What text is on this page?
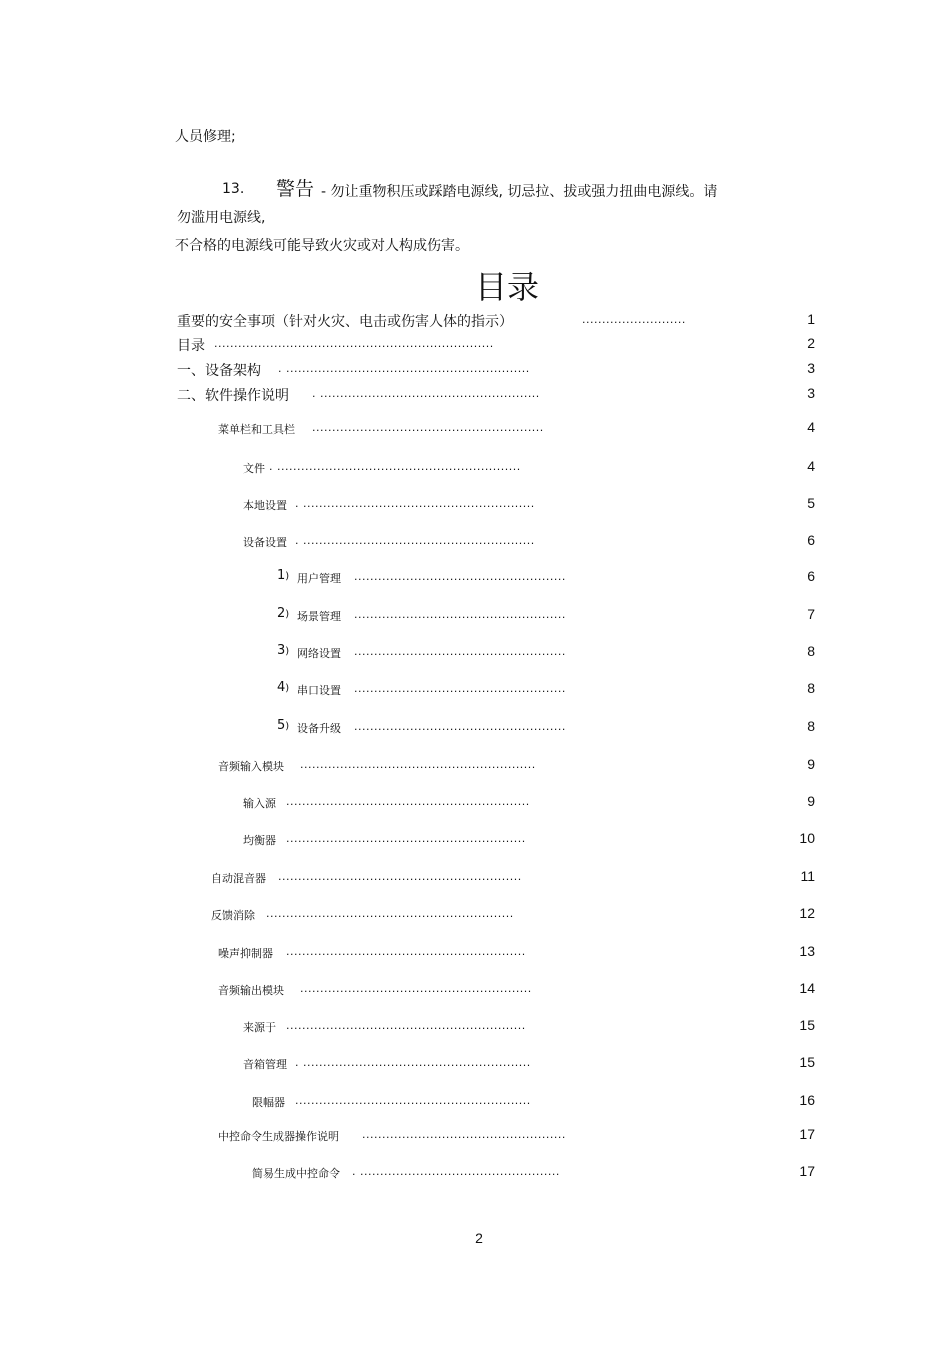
人员修理;
13. 警告 - 勿让重物积压或踩踏电源线, 切忌拉、拔或强力扭曲电源线。请
勿滥用电源线,
不合格的电源线可能导致火灾或对人构成伤害。
目录
重要的安全事项（针对火灾、电击或伤害人体的指示）	..........................	1
目录 ......................................................................	2
一、设备架构 . .............................................................	3
二、软件操作说明 . .......................................................	3
菜单栏和工具栏 ..........................................................	4
文件 . .............................................................	4
本地设置 . ..........................................................	5
设备设置 . ..........................................................	6
1) 用户管理 .....................................................	6
2) 场景管理 .....................................................	7
3) 网络设置 .....................................................	8
4) 串口设置 .....................................................	8
5) 设备升级 .....................................................	8
音频输入模块 ...........................................................	9
输入源 .............................................................	9
均衡器 ............................................................	10
自动混音器 .............................................................	11
反馈消除 ..............................................................	12
噪声抑制器 ............................................................	13
音频输出模块 ..........................................................	14
来源于 ............................................................	15
音箱管理 . .........................................................	15
限幅器 ...........................................................	16
中控命令生成器操作说明 ...................................................	17
简易生成中控命令 . ..................................................	17
2
